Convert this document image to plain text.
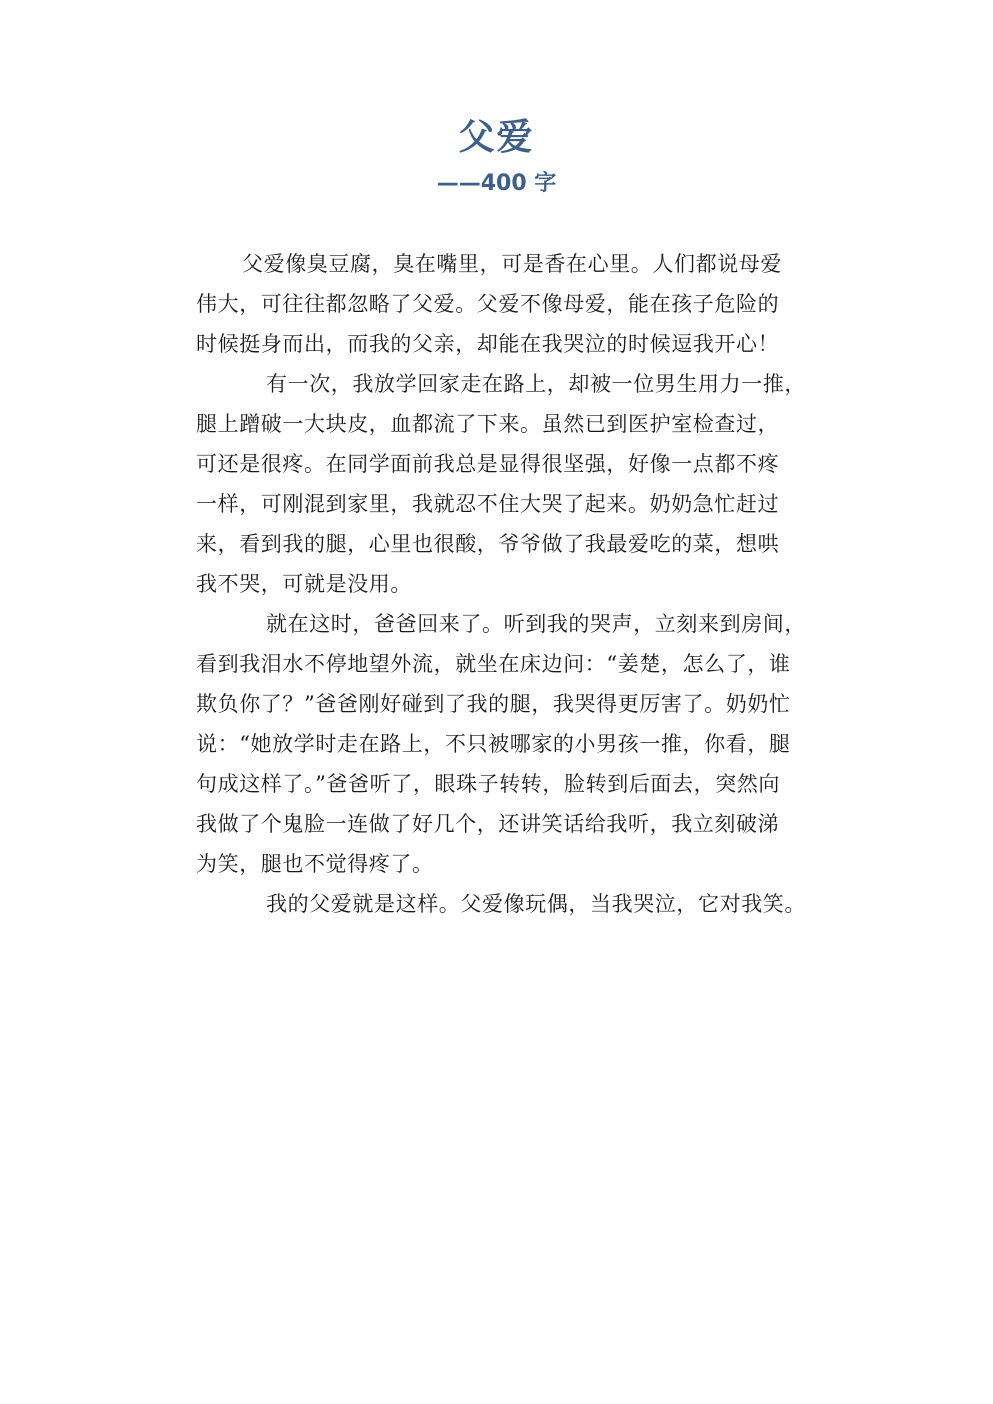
父爱
——400 字
父爱像臭豆腐，臭在嘴里，可是香在心里。人们都说母爱
伟大，可往往都忽略了父爱。父爱不像母爱，能在孩子危险的
时候挺身而出，而我的父亲，却能在我哭泣的时候逗我开心！
有一次，我放学回家走在路上，却被一位男生用力一推，
腿上蹭破一大块皮，血都流了下来。虽然已到医护室检查过，
可还是很疼。在同学面前我总是显得很坚强，好像一点都不疼
一样，可刚混到家里，我就忍不住大哭了起来。奶奶急忙赶过
来，看到我的腿，心里也很酸，爷爷做了我最爱吃的菜，想哄
我不哭，可就是没用。
就在这时，爸爸回来了。听到我的哭声，立刻来到房间，
看到我泪水不停地望外流，就坐在床边问：“姜楚，怎么了，谁
欺负你了？”爸爸刚好碰到了我的腿，我哭得更厉害了。奶奶忙
说：“她放学时走在路上，不只被哪家的小男孩一推，你看，腿
句成这样了。”爸爸听了，眼珠子转转，脸转到后面去，突然向
我做了个鬼脸一连做了好几个，还讲笑话给我听，我立刻破涕
为笑，腿也不觉得疼了。
我的父爱就是这样。父爱像玩偶，当我哭泣，它对我笑。
